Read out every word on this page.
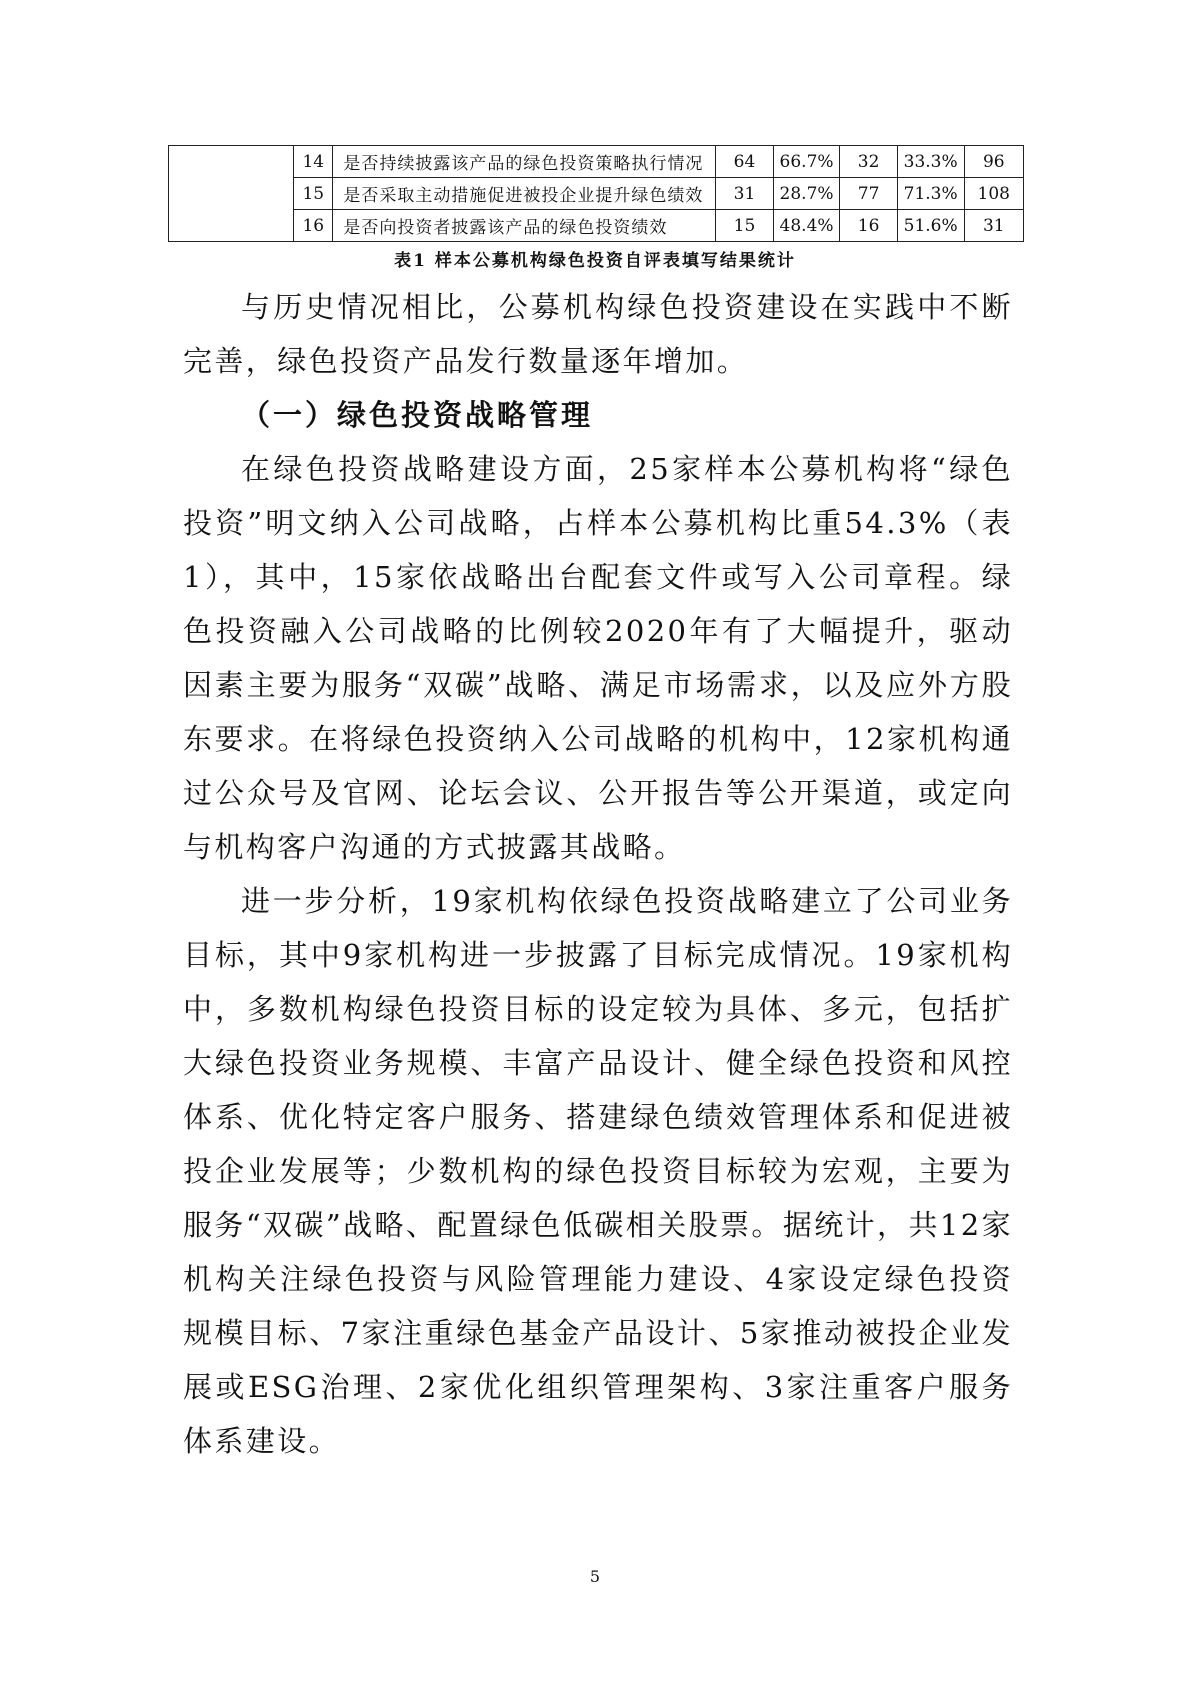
	14	是否持续披露该产品的绿色投资策略执行情况	64	66.7%	32	33.3%	96
	15	是否采取主动措施促进被投企业提升绿色绩效	31	28.7%	77	71.3%	108
	16	是否向投资者披露该产品的绿色投资绩效	15	48.4%	16	51.6%	31
表1 样本公募机构绿色投资自评表填写结果统计

与历史情况相比，公募机构绿色投资建设在实践中不断完善，绿色投资产品发行数量逐年增加。

（一）绿色投资战略管理

在绿色投资战略建设方面，25家样本公募机构将“绿色投资”明文纳入公司战略，占样本公募机构比重54.3%（表1），其中，15家依战略出台配套文件或写入公司章程。绿色投资融入公司战略的比例较2020年有了大幅提升，驱动因素主要为服务“双碳”战略、满足市场需求，以及应外方股东要求。在将绿色投资纳入公司战略的机构中，12家机构通过公众号及官网、论坛会议、公开报告等公开渠道，或定向与机构客户沟通的方式披露其战略。

进一步分析，19家机构依绿色投资战略建立了公司业务目标，其中9家机构进一步披露了目标完成情况。19家机构中，多数机构绿色投资目标的设定较为具体、多元，包括扩大绿色投资业务规模、丰富产品设计、健全绿色投资和风控体系、优化特定客户服务、搭建绿色绩效管理体系和促进被投企业发展等；少数机构的绿色投资目标较为宏观，主要为服务“双碳”战略、配置绿色低碳相关股票。据统计，共12家机构关注绿色投资与风险管理能力建设、4家设定绿色投资规模目标、7家注重绿色基金产品设计、5家推动被投企业发展或ESG治理、2家优化组织管理架构、3家注重客户服务体系建设。

5
